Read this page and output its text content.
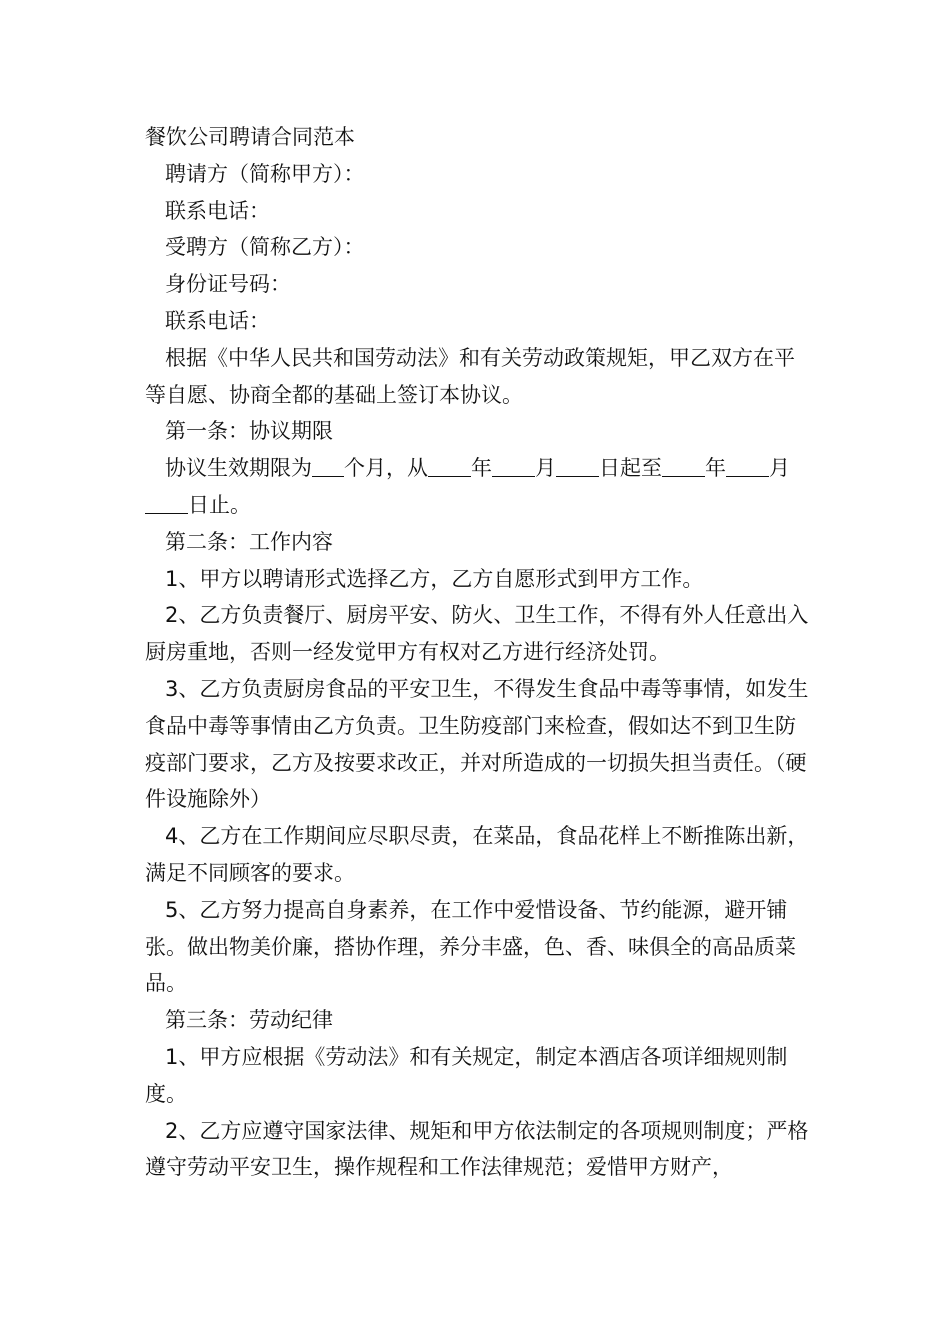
餐饮公司聘请合同范本

聘请方（简称甲方）：

联系电话：

受聘方（简称乙方）：

身份证号码：

联系电话：

根据《中华人民共和国劳动法》和有关劳动政策规矩，甲乙双方在平等自愿、协商全都的基础上签订本协议。

第一条：协议期限

协议生效期限为 个月，从 年 月 日起至 年 月日止。

第二条：工作内容

1、甲方以聘请形式选择乙方，乙方自愿形式到甲方工作。

2、乙方负责餐厅、厨房平安、防火、卫生工作，不得有外人任意出入厨房重地，否则一经发觉甲方有权对乙方进行经济处罚。

3、乙方负责厨房食品的平安卫生，不得发生食品中毒等事情，如发生食品中毒等事情由乙方负责。卫生防疫部门来检查，假如达不到卫生防疫部门要求，乙方及按要求改正，并对所造成的一切损失担当责任。（硬件设施除外）

4、乙方在工作期间应尽职尽责，在菜品，食品花样上不断推陈出新，满足不同顾客的要求。

5、乙方努力提高自身素养，在工作中爱惜设备、节约能源，避开铺张。做出物美价廉，搭协作理，养分丰盛，色、香、味俱全的高品质菜品。

第三条：劳动纪律

1、甲方应根据《劳动法》和有关规定，制定本酒店各项详细规则制度。

2、乙方应遵守国家法律、规矩和甲方依法制定的各项规则制度；严格遵守劳动平安卫生，操作规程和工作法律规范；爱惜甲方财产，
